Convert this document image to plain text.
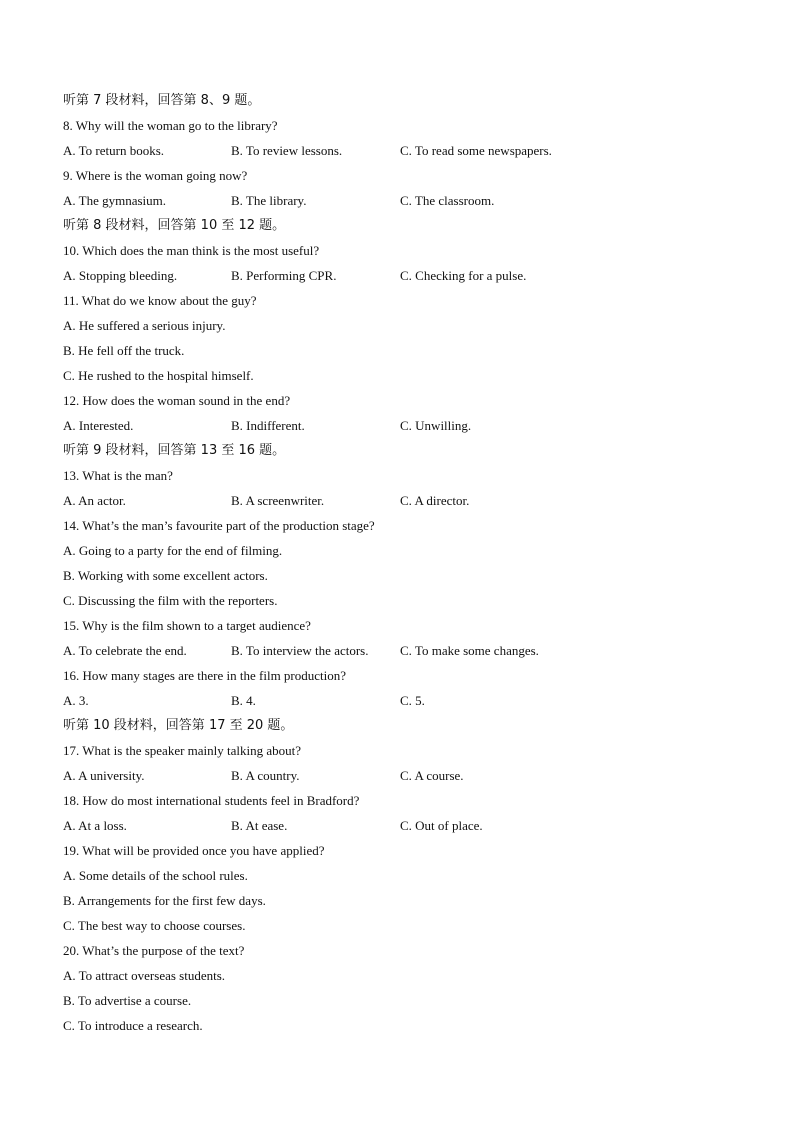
听第 7 段材料，回答第 8、9 题。
8. Why will the woman go to the library?
A. To return books.	B. To review lessons.	C. To read some newspapers.
9. Where is the woman going now?
A. The gymnasium.	B. The library.	C. The classroom.
听第 8 段材料，回答第 10 至 12 题。
10. Which does the man think is the most useful?
A. Stopping bleeding.	B. Performing CPR.	C. Checking for a pulse.
11. What do we know about the guy?
A. He suffered a serious injury.
B. He fell off the truck.
C. He rushed to the hospital himself.
12. How does the woman sound in the end?
A. Interested.	B. Indifferent.	C. Unwilling.
听第 9 段材料，回答第 13 至 16 题。
13. What is the man?
A. An actor.	B. A screenwriter.	C. A director.
14. What’s the man’s favourite part of the production stage?
A. Going to a party for the end of filming.
B. Working with some excellent actors.
C. Discussing the film with the reporters.
15. Why is the film shown to a target audience?
A. To celebrate the end.	B. To interview the actors. C. To make some changes.
16. How many stages are there in the film production?
A. 3.	B. 4.	C. 5.
听第 10 段材料，回答第 17 至 20 题。
17. What is the speaker mainly talking about?
A. A university.	B. A country.	C. A course.
18. How do most international students feel in Bradford?
A. At a loss.	B. At ease.	C. Out of place.
19. What will be provided once you have applied?
A. Some details of the school rules.
B. Arrangements for the first few days.
C. The best way to choose courses.
20. What’s the purpose of the text?
A. To attract overseas students.
B. To advertise a course.
C. To introduce a research.
